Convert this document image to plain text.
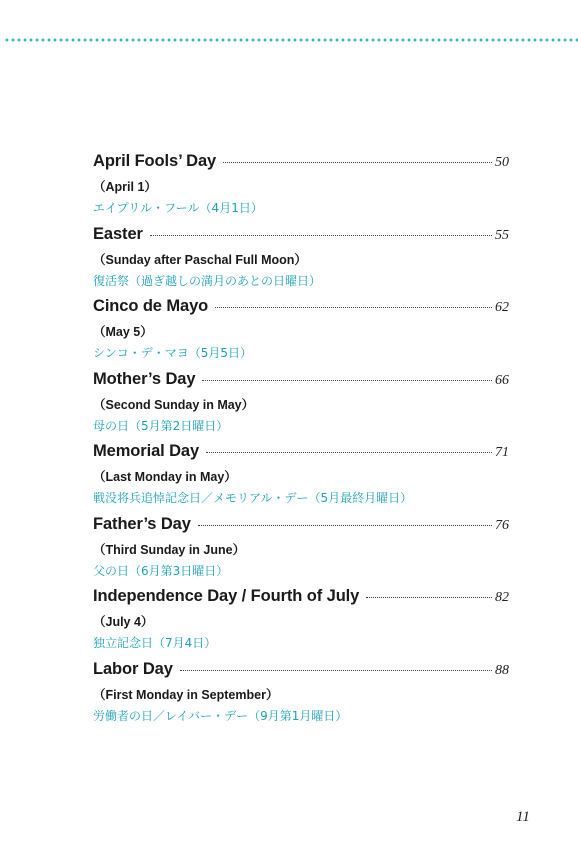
April Fools’ Day	50
（April 1）
エイプリル・フール（4月1日）
Easter	55
（Sunday after Paschal Full Moon）
復活祭（過ぎ越しの満月のあとの日曜日）
Cinco de Mayo	62
（May 5）
シンコ・デ・マヨ（5月5日）
Mother’s Day	66
（Second Sunday in May）
母の日（5月第2日曜日）
Memorial Day	71
（Last Monday in May）
戦没将兵追悼記念日／メモリアル・デー（5月最終月曜日）
Father’s Day	76
（Third Sunday in June）
父の日（6月第3日曜日）
Independence Day / Fourth of July	82
（July 4）
独立記念日（7月4日）
Labor Day	88
（First Monday in September）
労働者の日／レイバー・デー（9月第1月曜日）
11
